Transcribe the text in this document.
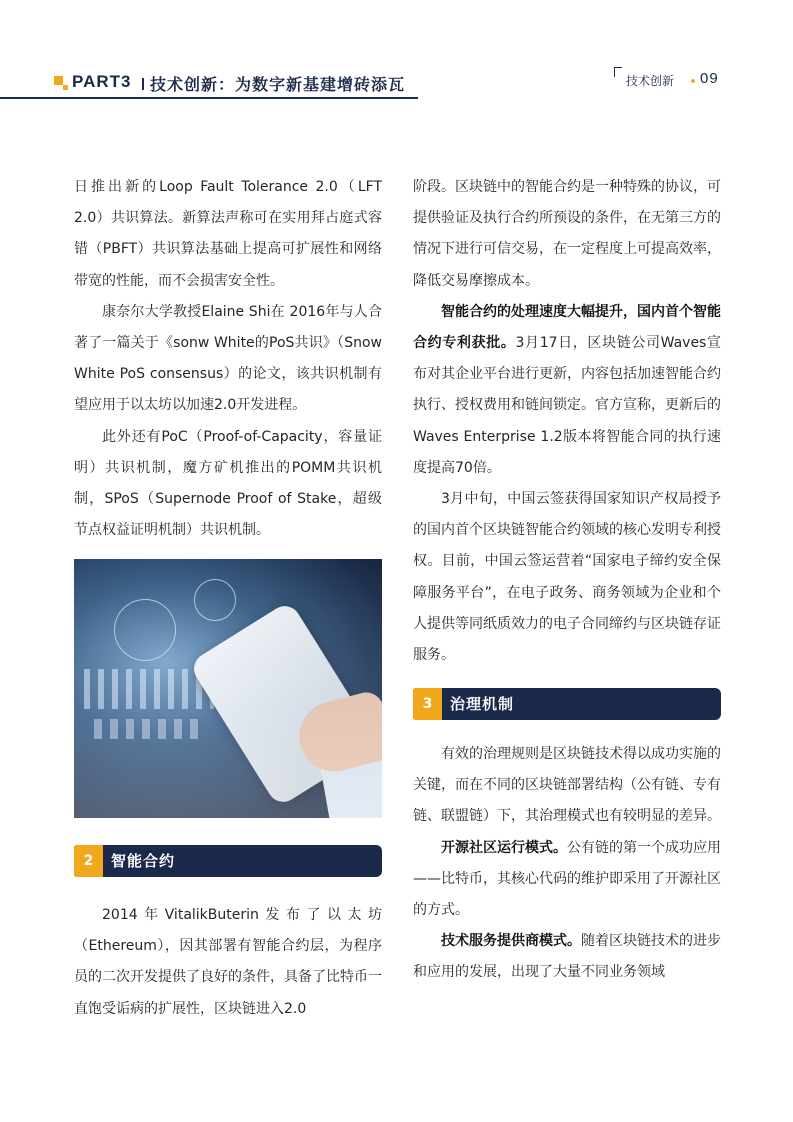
PART3 技术创新：为数字新基建增砖添瓦	技术创新 09

日推出新的Loop Fault Tolerance 2.0（LFT 2.0）共识算法。新算法声称可在实用拜占庭式容错（PBFT）共识算法基础上提高可扩展性和网络带宽的性能，而不会损害安全性。

康奈尔大学教授Elaine Shi在 2016年与人合著了一篇关于《sonw White的PoS共识》（Snow White PoS consensus）的论文，该共识机制有望应用于以太坊以加速2.0开发进程。

此外还有PoC（Proof-of-Capacity，容量证明）共识机制，魔方矿机推出的POMM共识机制，SPoS（Supernode Proof of Stake，超级节点权益证明机制）共识机制。

2	智能合约

2014年VitalikButerin发布了以太坊（Ethereum），因其部署有智能合约层，为程序员的二次开发提供了良好的条件，具备了比特币一直饱受诟病的扩展性，区块链进入2.0

阶段。区块链中的智能合约是一种特殊的协议，可提供验证及执行合约所预设的条件，在无第三方的情况下进行可信交易，在一定程度上可提高效率，降低交易摩擦成本。

智能合约的处理速度大幅提升，国内首个智能合约专利获批。3月17日，区块链公司Waves宣布对其企业平台进行更新，内容包括加速智能合约执行、授权费用和链间锁定。官方宣称，更新后的Waves Enterprise 1.2版本将智能合同的执行速度提高70倍。

3月中旬，中国云签获得国家知识产权局授予的国内首个区块链智能合约领域的核心发明专利授权。目前，中国云签运营着“国家电子缔约安全保障服务平台”，在电子政务、商务领域为企业和个人提供等同纸质效力的电子合同缔约与区块链存证服务。

3	治理机制

有效的治理规则是区块链技术得以成功实施的关键，而在不同的区块链部署结构（公有链、专有链、联盟链）下，其治理模式也有较明显的差异。

开源社区运行模式。公有链的第一个成功应用——比特币，其核心代码的维护即采用了开源社区的方式。

技术服务提供商模式。随着区块链技术的进步和应用的发展，出现了大量不同业务领域
